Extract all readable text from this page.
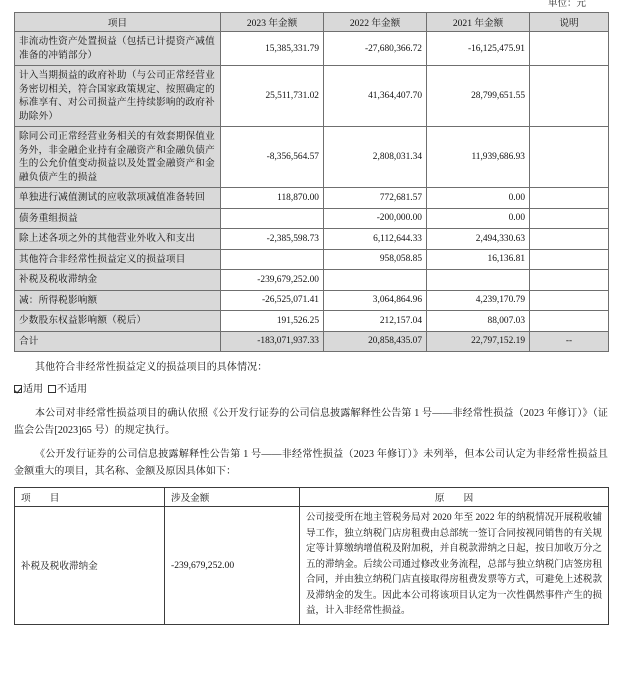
单位：元
项目	2023 年金额	2022 年金额	2021 年金额	说明
非流动性资产处置损益（包括已计提资产减值准备的冲销部分）	15,385,331.79	-27,680,366.72	-16,125,475.91	
计入当期损益的政府补助（与公司正常经营业务密切相关，符合国家政策规定、按照确定的标准享有、对公司损益产生持续影响的政府补助除外）	25,511,731.02	41,364,407.70	28,799,651.55	
除同公司正常经营业务相关的有效套期保值业务外，非金融企业持有金融资产和金融负债产生的公允价值变动损益以及处置金融资产和金融负债产生的损益	-8,356,564.57	2,808,031.34	11,939,686.93	
单独进行减值测试的应收款项减值准备转回	118,870.00	772,681.57	0.00	
债务重组损益		-200,000.00	0.00	
除上述各项之外的其他营业外收入和支出	-2,385,598.73	6,112,644.33	2,494,330.63	
其他符合非经常性损益定义的损益项目		958,058.85	16,136.81	
补税及税收滞纳金	-239,679,252.00			
减：所得税影响额	-26,525,071.41	3,064,864.96	4,239,170.79	
少数股东权益影响额（税后）	191,526.25	212,157.04	88,007.03	
合计	-183,071,937.33	20,858,435.07	22,797,152.19	--

其他符合非经常性损益定义的损益项目的具体情况：

适用 不适用

本公司对非经常性损益项目的确认依照《公开发行证券的公司信息披露解释性公告第 1 号——非经常性损益（2023 年修订）》（证监会公告[2023]65 号）的规定执行。

《公开发行证券的公司信息披露解释性公告第 1 号——非经常性损益（2023 年修订）》未列举，但本公司认定为非经常性损益且金额重大的项目，其名称、金额及原因具体如下：

项　　目	涉及金额	原　　因
补税及税收滞纳金	-239,679,252.00	公司接受所在地主管税务局对 2020 年至 2022 年的纳税情况开展税收辅导工作，独立纳税门店房租费由总部统一签订合同按视同销售的有关规定等计算缴纳增值税及附加税，并自税款滞纳之日起，按日加收万分之五的滞纳金。后续公司通过修改业务流程，总部与独立纳税门店签房租合同，并由独立纳税门店直接取得房租费发票等方式，可避免上述税款及滞纳金的发生。因此本公司将该项目认定为一次性偶然事件产生的损益，计入非经常性损益。
